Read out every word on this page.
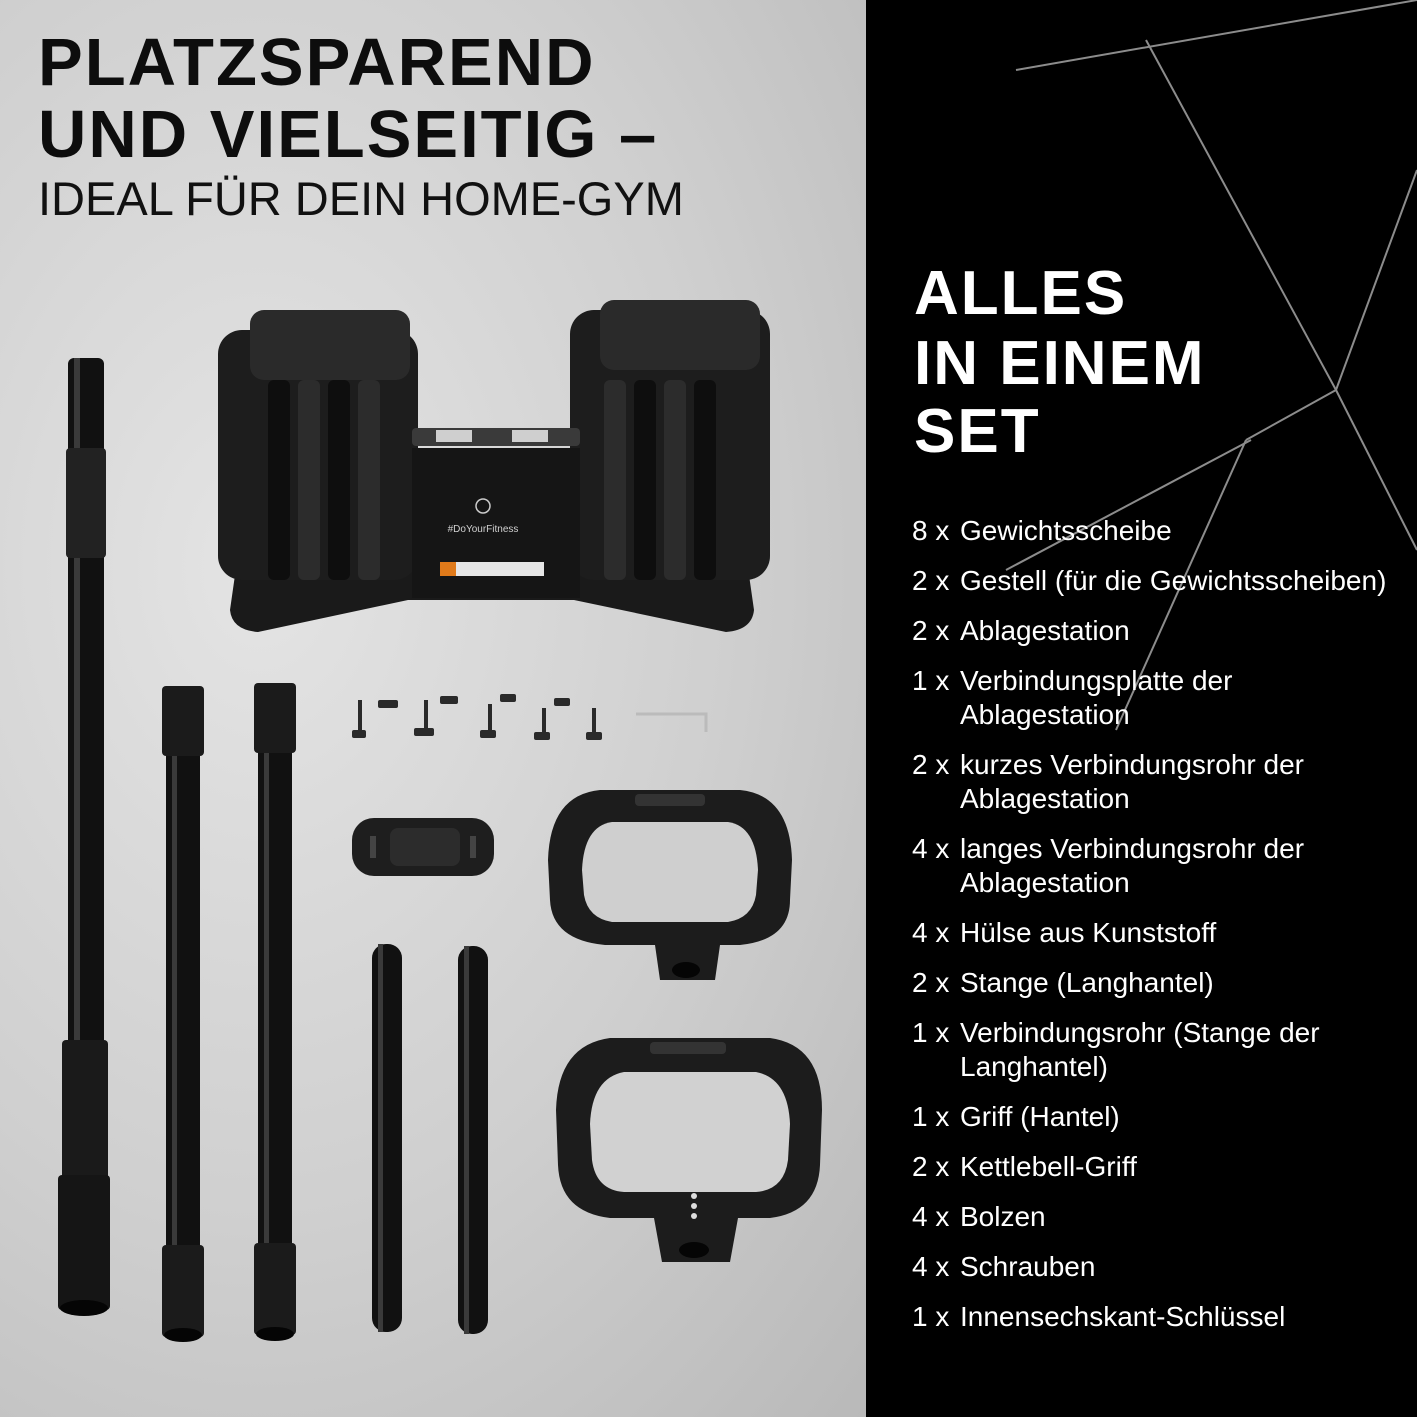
PLATZSPAREND
UND VIELSEITIG –
IDEAL FÜR DEIN HOME-GYM
#DoYourFitness
ALLES
IN EINEM
SET
8 x Gewichtsscheibe
2 x Gestell (für die Gewichtsscheiben)
2 x Ablagestation
1 x Verbindungsplatte der Ablagestation
2 x kurzes Verbindungsrohr der Ablagestation
4 x langes Verbindungsrohr der Ablagestation
4 x Hülse aus Kunststoff
2 x Stange (Langhantel)
1 x Verbindungsrohr (Stange der Langhantel)
1 x Griff (Hantel)
2 x Kettlebell-Griff
4 x Bolzen
4 x Schrauben
1 x Innensechskant-Schlüssel
